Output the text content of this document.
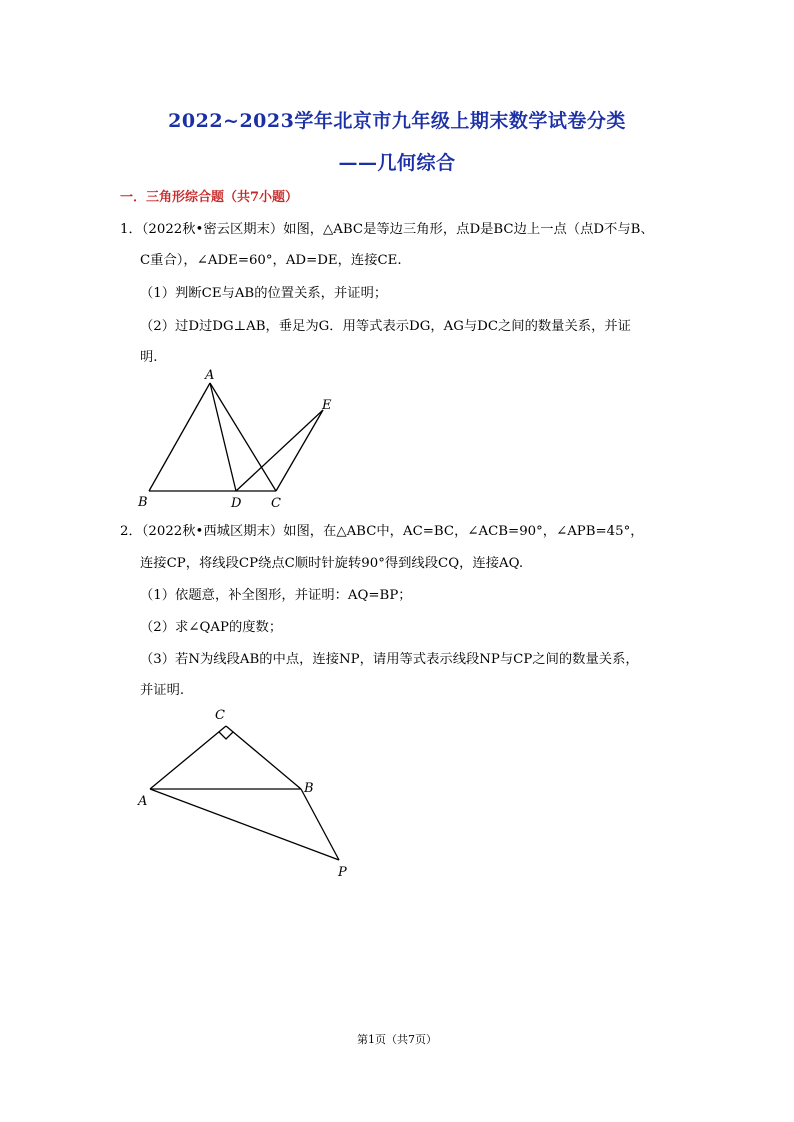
2022~2023学年北京市九年级上期末数学试卷分类
——几何综合
一．三角形综合题（共7小题）
1．（2022秋•密云区期末）如图，△ABC是等边三角形，点D是BC边上一点（点D不与B、
C重合），∠ADE=60°，AD=DE，连接CE.
（1）判断CE与AB的位置关系，并证明；
（2）过D过DG⊥AB，垂足为G．用等式表示DG，AG与DC之间的数量关系，并证
明.
A
B	C
D
E
2．（2022秋•西城区期末）如图，在△ABC中，AC=BC，∠ACB=90°，∠APB=45°，
连接CP，将线段CP绕点C顺时针旋转90°得到线段CQ，连接AQ.
（1）依题意，补全图形，并证明：AQ=BP；
（2）求∠QAP的度数；
（3）若N为线段AB的中点，连接NP，请用等式表示线段NP与CP之间的数量关系，
并证明.
C
A
B
P
第1页（共7页）
